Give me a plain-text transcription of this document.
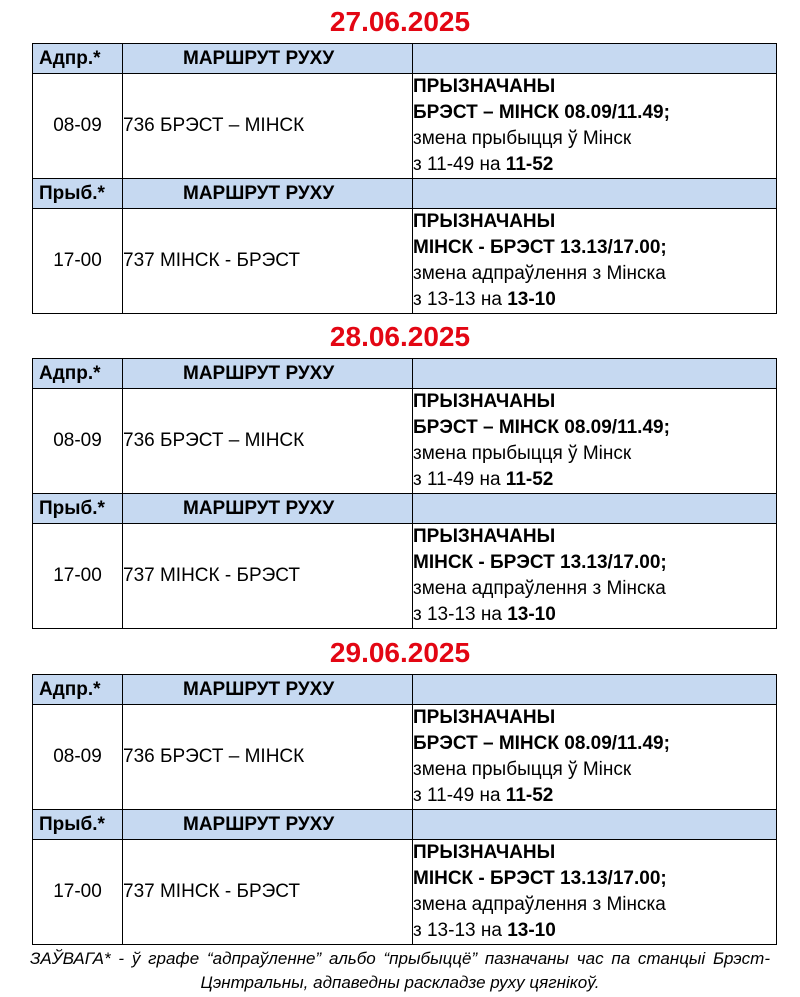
27.06.2025
Адпр.*	МАРШРУТ РУХУ	
08-09	736 БРЭСТ – МІНСК	ПРЫЗНАЧАНЫ
БРЭСТ – МІНСК 08.09/11.49;
змена прыбыцця ў Мінск
з 11-49 на 11-52

Прыб.*	МАРШРУТ РУХУ	
17-00	737 МІНСК - БРЭСТ	ПРЫЗНАЧАНЫ
МІНСК - БРЭСТ 13.13/17.00;
змена адпраўлення з Мінска
з 13-13 на 13-10
28.06.2025
Адпр.*	МАРШРУТ РУХУ	
08-09	736 БРЭСТ – МІНСК	ПРЫЗНАЧАНЫ
БРЭСТ – МІНСК 08.09/11.49;
змена прыбыцця ў Мінск
з 11-49 на 11-52

Прыб.*	МАРШРУТ РУХУ	
17-00	737 МІНСК - БРЭСТ	ПРЫЗНАЧАНЫ
МІНСК - БРЭСТ 13.13/17.00;
змена адпраўлення з Мінска
з 13-13 на 13-10
29.06.2025
Адпр.*	МАРШРУТ РУХУ	
08-09	736 БРЭСТ – МІНСК	ПРЫЗНАЧАНЫ
БРЭСТ – МІНСК 08.09/11.49;
змена прыбыцця ў Мінск
з 11-49 на 11-52

Прыб.*	МАРШРУТ РУХУ	
17-00	737 МІНСК - БРЭСТ	ПРЫЗНАЧАНЫ
МІНСК - БРЭСТ 13.13/17.00;
змена адпраўлення з Мінска
з 13-13 на 13-10
ЗАЎВАГА* - ў графе “адпраўленне” альбо “прыбыццё” пазначаны час па станцыі Брэст-Цэнтральны, адпаведны раскладзе руху цягнікоў.
